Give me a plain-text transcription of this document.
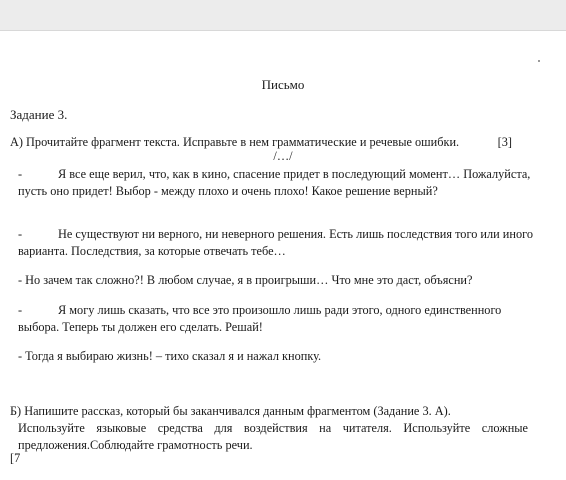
Письмо
Задание 3.
А) Прочитайте фрагмент текста. Исправьте в нем грамматические и речевые ошибки.	[3]
/…/
-	Я все еще верил, что, как в кино, спасение придет в последующий момент… Пожалуйста, пусть оно придет! Выбор - между плохо и очень плохо! Какое решение верный?
-	Не существуют ни верного, ни неверного решения. Есть лишь последствия того или иного варианта. Последствия, за которые отвечать тебе…
- Но зачем так сложно?! В любом случае, я в проигрыши… Что мне это даст, объясни?
-	Я могу лишь сказать, что все это произошло лишь ради этого, одного единственного выбора. Теперь ты должен его сделать. Решай!
- Тогда я выбираю жизнь! – тихо сказал я и нажал кнопку.
Б) Напишите рассказ, который бы заканчивался данным фрагментом (Задание 3. А).
Используйте языковые средства для воздействия на читателя. Используйте сложные предложения.Соблюдайте грамотность речи.
[7
